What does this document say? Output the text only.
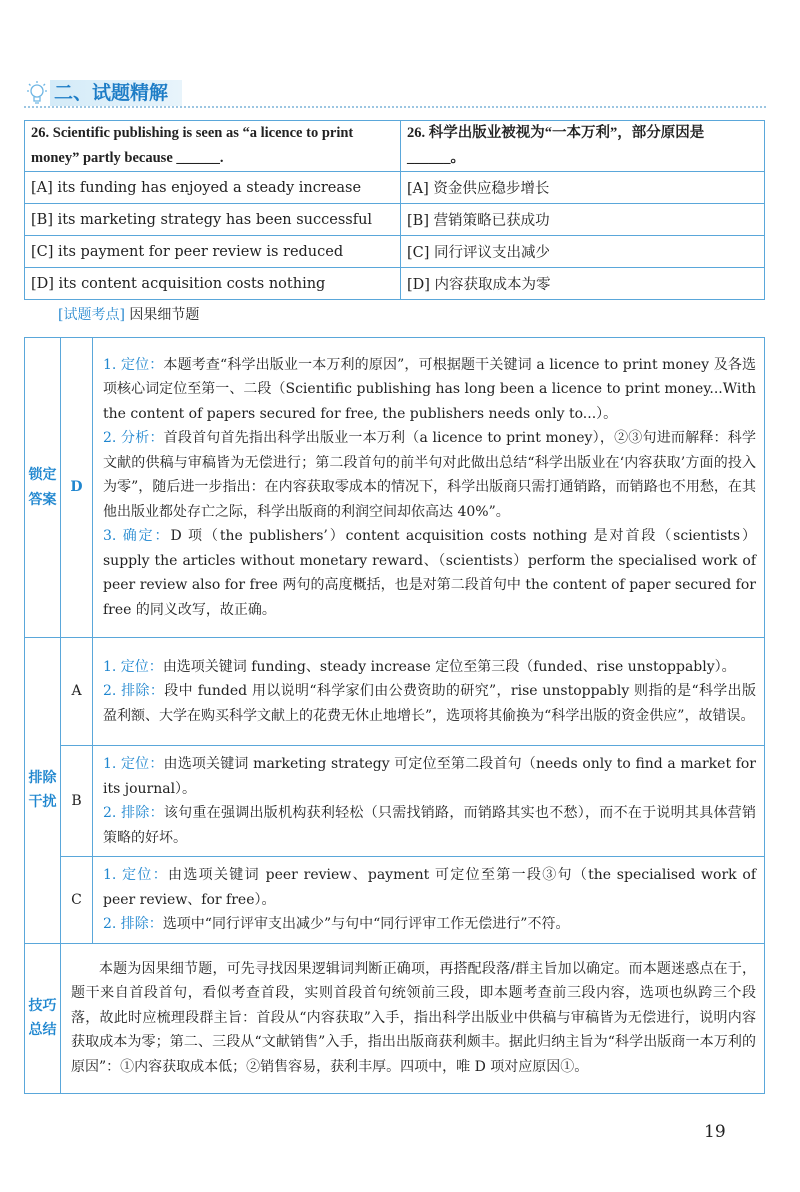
二、试题精解
26. Scientific publishing is seen as “a licence to print money” partly because ______.	26. 科学出版业被视为“一本万利”，部分原因是______。
[A] its funding has enjoyed a steady increase	[A] 资金供应稳步增长
[B] its marketing strategy has been successful	[B] 营销策略已获成功
[C] its payment for peer review is reduced	[C] 同行评议支出减少
[D] its content acquisition costs nothing	[D] 内容获取成本为零
[试题考点] 因果细节题
锁定答案	D	1. 定位：本题考查“科学出版业一本万利的原因”，可根据题干关键词 a licence to print money 及各选项核心词定位至第一、二段（Scientific publishing has long been a licence to print money...With the content of papers secured for free, the publishers needs only to...）。
2. 分析：首段首句首先指出科学出版业一本万利（a licence to print money），②③句进而解释：科学文献的供稿与审稿皆为无偿进行；第二段首句的前半句对此做出总结“科学出版业在‘内容获取’方面的投入为零”，随后进一步指出：在内容获取零成本的情况下，科学出版商只需打通销路，而销路也不用愁，在其他出版业都处存亡之际，科学出版商的利润空间却依高达 40%”。
3. 确定：D 项（the publishers’）content acquisition costs nothing 是对首段（scientists）supply the articles without monetary reward、（scientists）perform the specialised work of peer review also for free 两句的高度概括，也是对第二段首句中 the content of paper secured for free 的同义改写，故正确。

排除干扰	A	1. 定位：由选项关键词 funding、steady increase 定位至第三段（funded、rise unstoppably）。
2. 排除：段中 funded 用以说明“科学家们由公费资助的研究”，rise unstoppably 则指的是“科学出版盈利额、大学在购买科学文献上的花费无休止地增长”，选项将其偷换为“科学出版的资金供应”，故错误。

	B	1. 定位：由选项关键词 marketing strategy 可定位至第二段首句（needs only to find a market for its journal）。
2. 排除：该句重在强调出版机构获利轻松（只需找销路，而销路其实也不愁），而不在于说明其具体营销策略的好坏。

	C	1. 定位：由选项关键词 peer review、payment 可定位至第一段③句（the specialised work of peer review、for free）。
2. 排除：选项中“同行评审支出减少”与句中“同行评审工作无偿进行”不符。

技巧总结	本题为因果细节题，可先寻找因果逻辑词判断正确项，再搭配段落/群主旨加以确定。而本题迷惑点在于，题干来自首段首句，看似考查首段，实则首段首句统领前三段，即本题考查前三段内容，选项也纵跨三个段落，故此时应梳理段群主旨：首段从“内容获取”入手，指出科学出版业中供稿与审稿皆为无偿进行，说明内容获取成本为零；第二、三段从“文献销售”入手，指出出版商获利颇丰。据此归纳主旨为“科学出版商一本万利的原因”：①内容获取成本低；②销售容易，获利丰厚。四项中，唯 D 项对应原因①。	
19
